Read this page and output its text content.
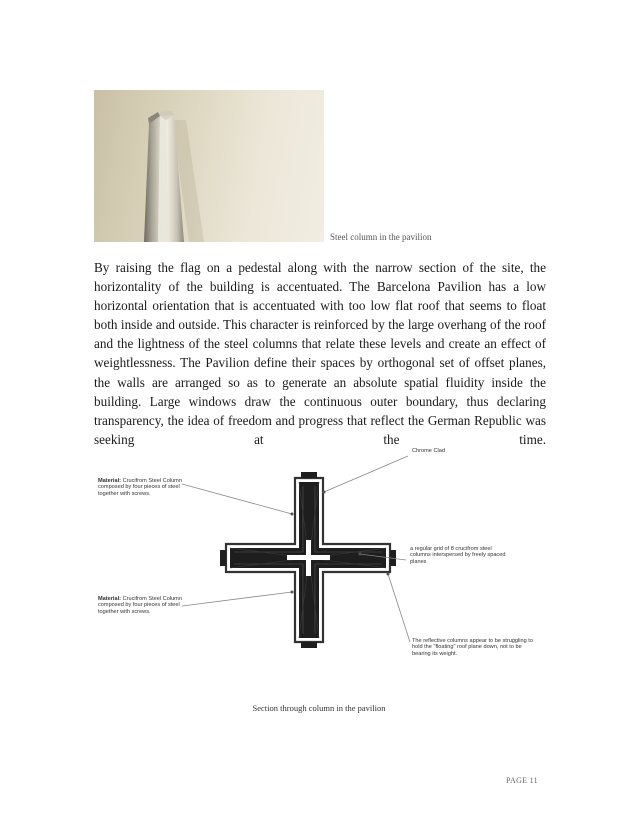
Steel column in the pavilion
By raising the flag on a pedestal along with the narrow section of the site, the horizontality of the building is accentuated. The Barcelona Pavilion has a low horizontal orientation that is accentuated with too low flat roof that seems to float both inside and outside. This character is reinforced by the large overhang of the roof and the lightness of the steel columns that relate these levels and create an effect of weightlessness. The Pavilion define their spaces by orthogonal set of offset planes, the walls are arranged so as to generate an absolute spatial fluidity inside the building. Large windows draw the continuous outer boundary, thus declaring transparency, the idea of freedom and progress that reflect the German Republic was seeking at the time.
Chrome Clad
Material: Crucifrom Steel Column composed by four pieces of steel together with screws.
Material: Crucifrom Steel Column composed by four pieces of steel together with screws.
a regular grid of 8 crucifrom steel columns interspersed by freely spaced planes
The reflective columns appear to be struggling to hold the "floating" roof plane down, not to be bearing its weight.
Section through column in the pavilion
PAGE 11
